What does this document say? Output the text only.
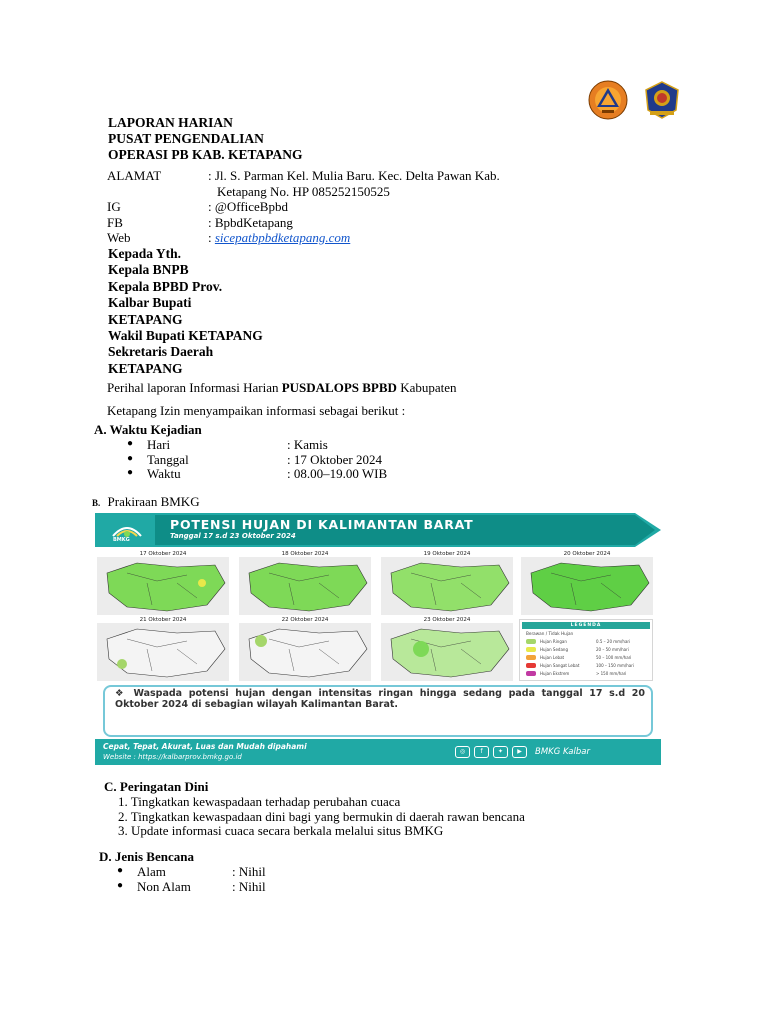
LAPORAN HARIAN
PUSAT PENGENDALIAN
OPERASI PB KAB. KETAPANG
ALAMAT	: Jl. S. Parman Kel. Mulia Baru. Kec. Delta Pawan Kab.
Ketapang No. HP 085252150525
IG	: @OfficeBpbd
FB	: BpbdKetapang
Web	: sicepatbpbdketapang.com
Kepada Yth.
Kepala BNPB
Kepala BPBD Prov.
Kalbar Bupati
KETAPANG
Wakil Bupati KETAPANG
Sekretaris Daerah
KETAPANG
Perihal laporan Informasi Harian PUSDALOPS BPBD Kabupaten
Ketapang Izin menyampaikan informasi sebagai berikut :
A. Waktu Kejadian
● Hari	: Kamis
● Tanggal	: 17 Oktober 2024
● Waktu	: 08.00–19.00 WIB
B. Prakiraan BMKG
BMKG
POTENSI HUJAN DI KALIMANTAN BARAT
Tanggal 17 s.d 23 Oktober 2024
17 Oktober 2024	18 Oktober 2024	19 Oktober 2024	20 Oktober 2024
21 Oktober 2024	22 Oktober 2024	23 Oktober 2024
LEGENDA
Berawan / Tidak Hujan
Hujan Ringan	0.5 – 20 mm/hari
Hujan Sedang	20 – 50 mm/hari
Hujan Lebat	50 – 100 mm/hari
Hujan Sangat Lebat	100 – 150 mm/hari
Hujan Ekstrem	> 150 mm/hari
❖ Waspada potensi hujan dengan intensitas ringan hingga sedang pada tanggal 17 s.d 20 Oktober 2024 di sebagian wilayah Kalimantan Barat.
Cepat, Tepat, Akurat, Luas dan Mudah dipahami
Website : https://kalbarprov.bmkg.go.id
◎	f	✦	▶	BMKG Kalbar
C. Peringatan Dini
1. Tingkatkan kewaspadaan terhadap perubahan cuaca
2. Tingkatkan kewaspadaan dini bagi yang bermukin di daerah rawan bencana
3. Update informasi cuaca secara berkala melalui situs BMKG
D. Jenis Bencana
● Alam	: Nihil
● Non Alam	: Nihil
